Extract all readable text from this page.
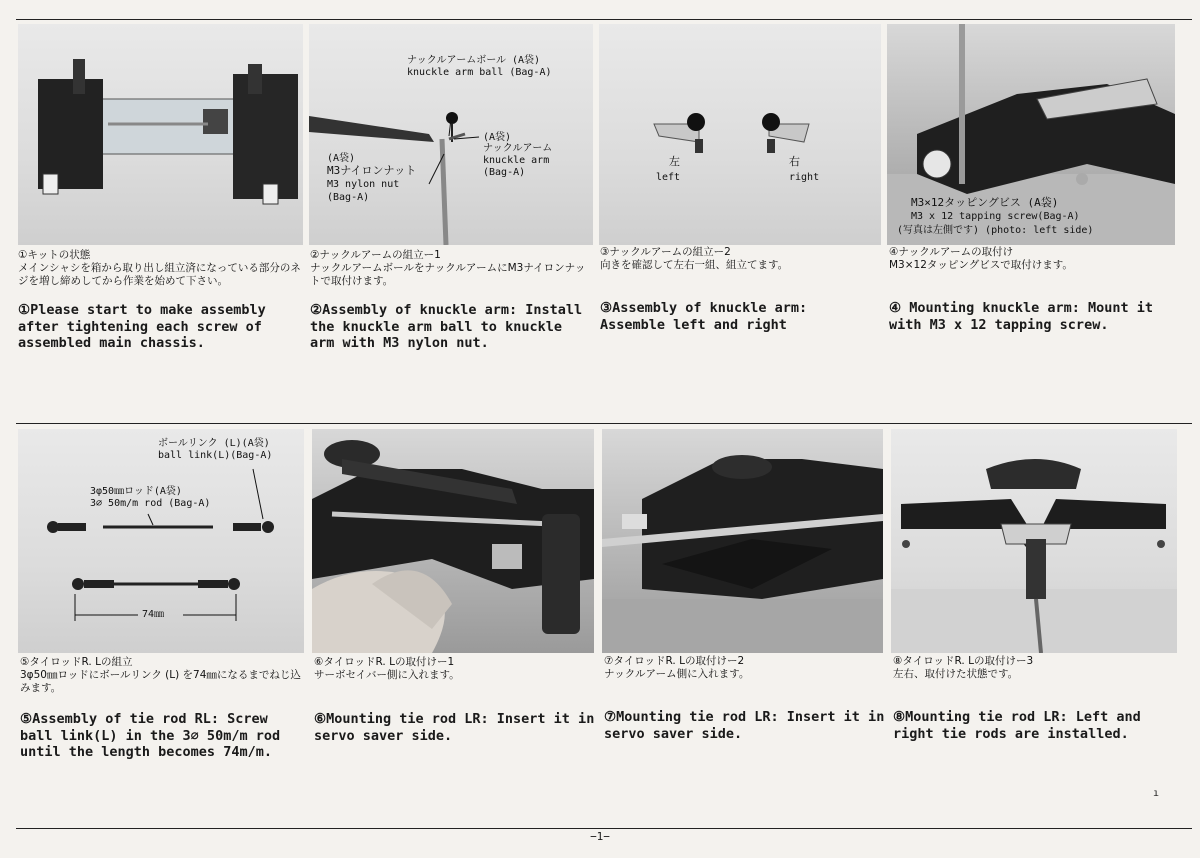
ナックルアームボール (A袋)
knuckle arm ball (Bag-A)
(A袋)
ナックルアーム
knuckle arm
(Bag-A)
(A袋)
M3ナイロンナット
M3 nylon nut
(Bag-A)
左
left
右
right
M3×12タッピングビス (A袋)
M3 x 12 tapping screw(Bag-A)
(写真は左側です) (photo: left side)
①キットの状態
メインシャシを箱から取り出し組立済になっている部分のネジを増し締めしてから作業を始めて下さい。
②ナックルアームの組立ー1
ナックルアームボールをナックルアームにM3ナイロンナットで取付けます。
③ナックルアームの組立ー2
向きを確認して左右一組、組立てます。
④ナックルアームの取付け
M3×12タッピングビスで取付けます。
①Please start to make assembly after tightening each screw of assembled main chassis.
②Assembly of knuckle arm: Install the knuckle arm ball to knuckle arm with M3 nylon nut.
③Assembly of knuckle arm: Assemble left and right
④ Mounting knuckle arm: Mount it with M3 x 12 tapping screw.
ボールリンク (L)(A袋)
ball link(L)(Bag-A)
3φ50㎜ロッド(A袋)
3∅ 50m/m rod (Bag-A)
74㎜
⑤タイロッドR. Lの組立
3φ50㎜ロッドにボールリンク (L) を74㎜になるまでねじ込みます。
⑥タイロッドR. Lの取付けー1
サーボセイバー側に入れます。
⑦タイロッドR. Lの取付けー2
ナックルアーム側に入れます。
⑧タイロッドR. Lの取付けー3
左右、取付けた状態です。
⑤Assembly of tie rod RL: Screw ball link(L) in the 3∅ 50m/m rod until the length becomes 74m/m.
⑥Mounting tie rod LR: Insert it in servo saver side.
⑦Mounting tie rod LR: Insert it in servo saver side.
⑧Mounting tie rod LR: Left and right tie rods are installed.
ı
−1−
